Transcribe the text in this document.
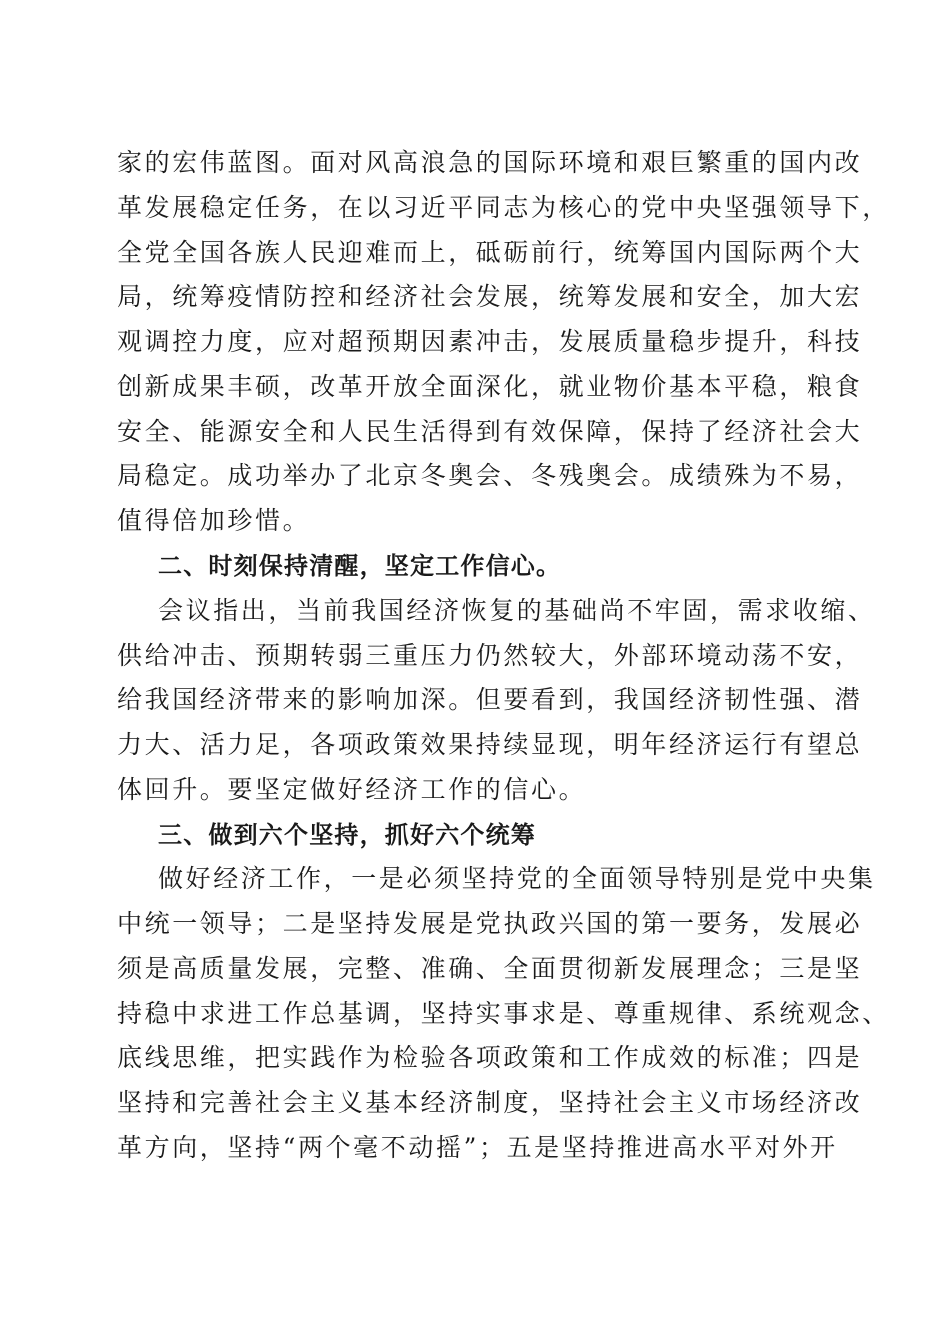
家的宏伟蓝图。面对风高浪急的国际环境和艰巨繁重的国内改

革发展稳定任务，在以习近平同志为核心的党中央坚强领导下，

全党全国各族人民迎难而上，砥砺前行，统筹国内国际两个大

局，统筹疫情防控和经济社会发展，统筹发展和安全，加大宏

观调控力度，应对超预期因素冲击，发展质量稳步提升，科技

创新成果丰硕，改革开放全面深化，就业物价基本平稳，粮食

安全、能源安全和人民生活得到有效保障，保持了经济社会大

局稳定。成功举办了北京冬奥会、冬残奥会。成绩殊为不易，

值得倍加珍惜。

二、时刻保持清醒，坚定工作信心。

会议指出，当前我国经济恢复的基础尚不牢固，需求收缩、

供给冲击、预期转弱三重压力仍然较大，外部环境动荡不安，

给我国经济带来的影响加深。但要看到，我国经济韧性强、潜

力大、活力足，各项政策效果持续显现，明年经济运行有望总

体回升。要坚定做好经济工作的信心。

三、做到六个坚持，抓好六个统筹

做好经济工作，一是必须坚持党的全面领导特别是党中央集

中统一领导；二是坚持发展是党执政兴国的第一要务，发展必

须是高质量发展，完整、准确、全面贯彻新发展理念；三是坚

持稳中求进工作总基调，坚持实事求是、尊重规律、系统观念、

底线思维，把实践作为检验各项政策和工作成效的标准；四是

坚持和完善社会主义基本经济制度，坚持社会主义市场经济改

革方向，坚持“两个毫不动摇”；五是坚持推进高水平对外开
